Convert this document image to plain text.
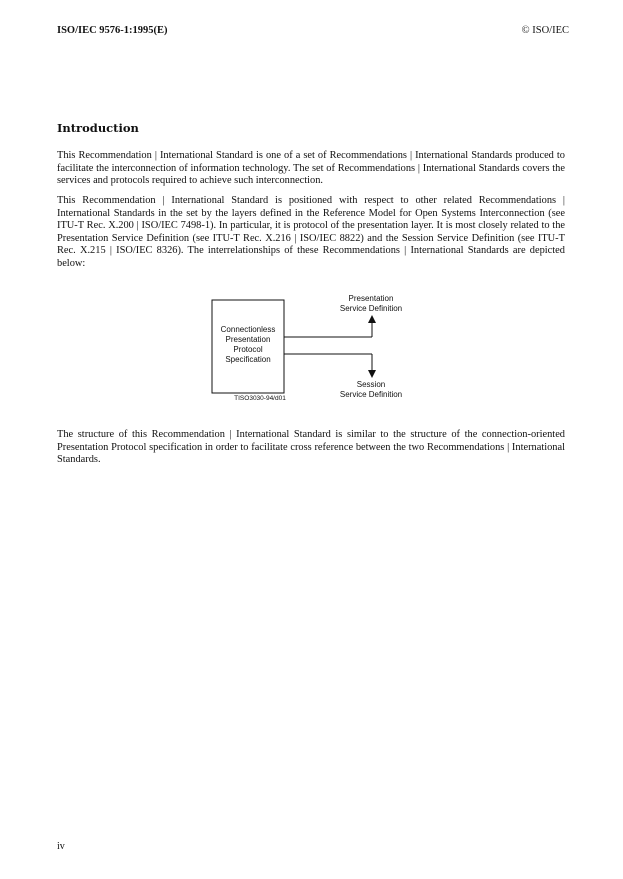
ISO/IEC 9576-1:1995(E)	© ISO/IEC
Introduction

This Recommendation | International Standard is one of a set of Recommendations | International Standards produced to facilitate the interconnection of information technology. The set of Recommendations | International Standards covers the services and protocols required to achieve such interconnection.

This Recommendation | International Standard is positioned with respect to other related Recommendations | International Standards in the set by the layers defined in the Reference Model for Open Systems Interconnection (see ITU-T Rec. X.200 | ISO/IEC 7498-1). In particular, it is protocol of the presentation layer. It is most closely related to the Presentation Service Definition (see ITU-T Rec. X.216 | ISO/IEC 8822) and the Session Service Definition (see ITU-T Rec. X.215 | ISO/IEC 8326). The interrelationships of these Recommendations | International Standards are depicted below:

Connectionless
Presentation
Protocol
Specification
Presentation
Service Definition
Session
Service Definition
TISO3030-94/d01

The structure of this Recommendation | International Standard is similar to the structure of the connection-oriented Presentation Protocol specification in order to facilitate cross reference between the two Recommendations | International Standards.

iv
